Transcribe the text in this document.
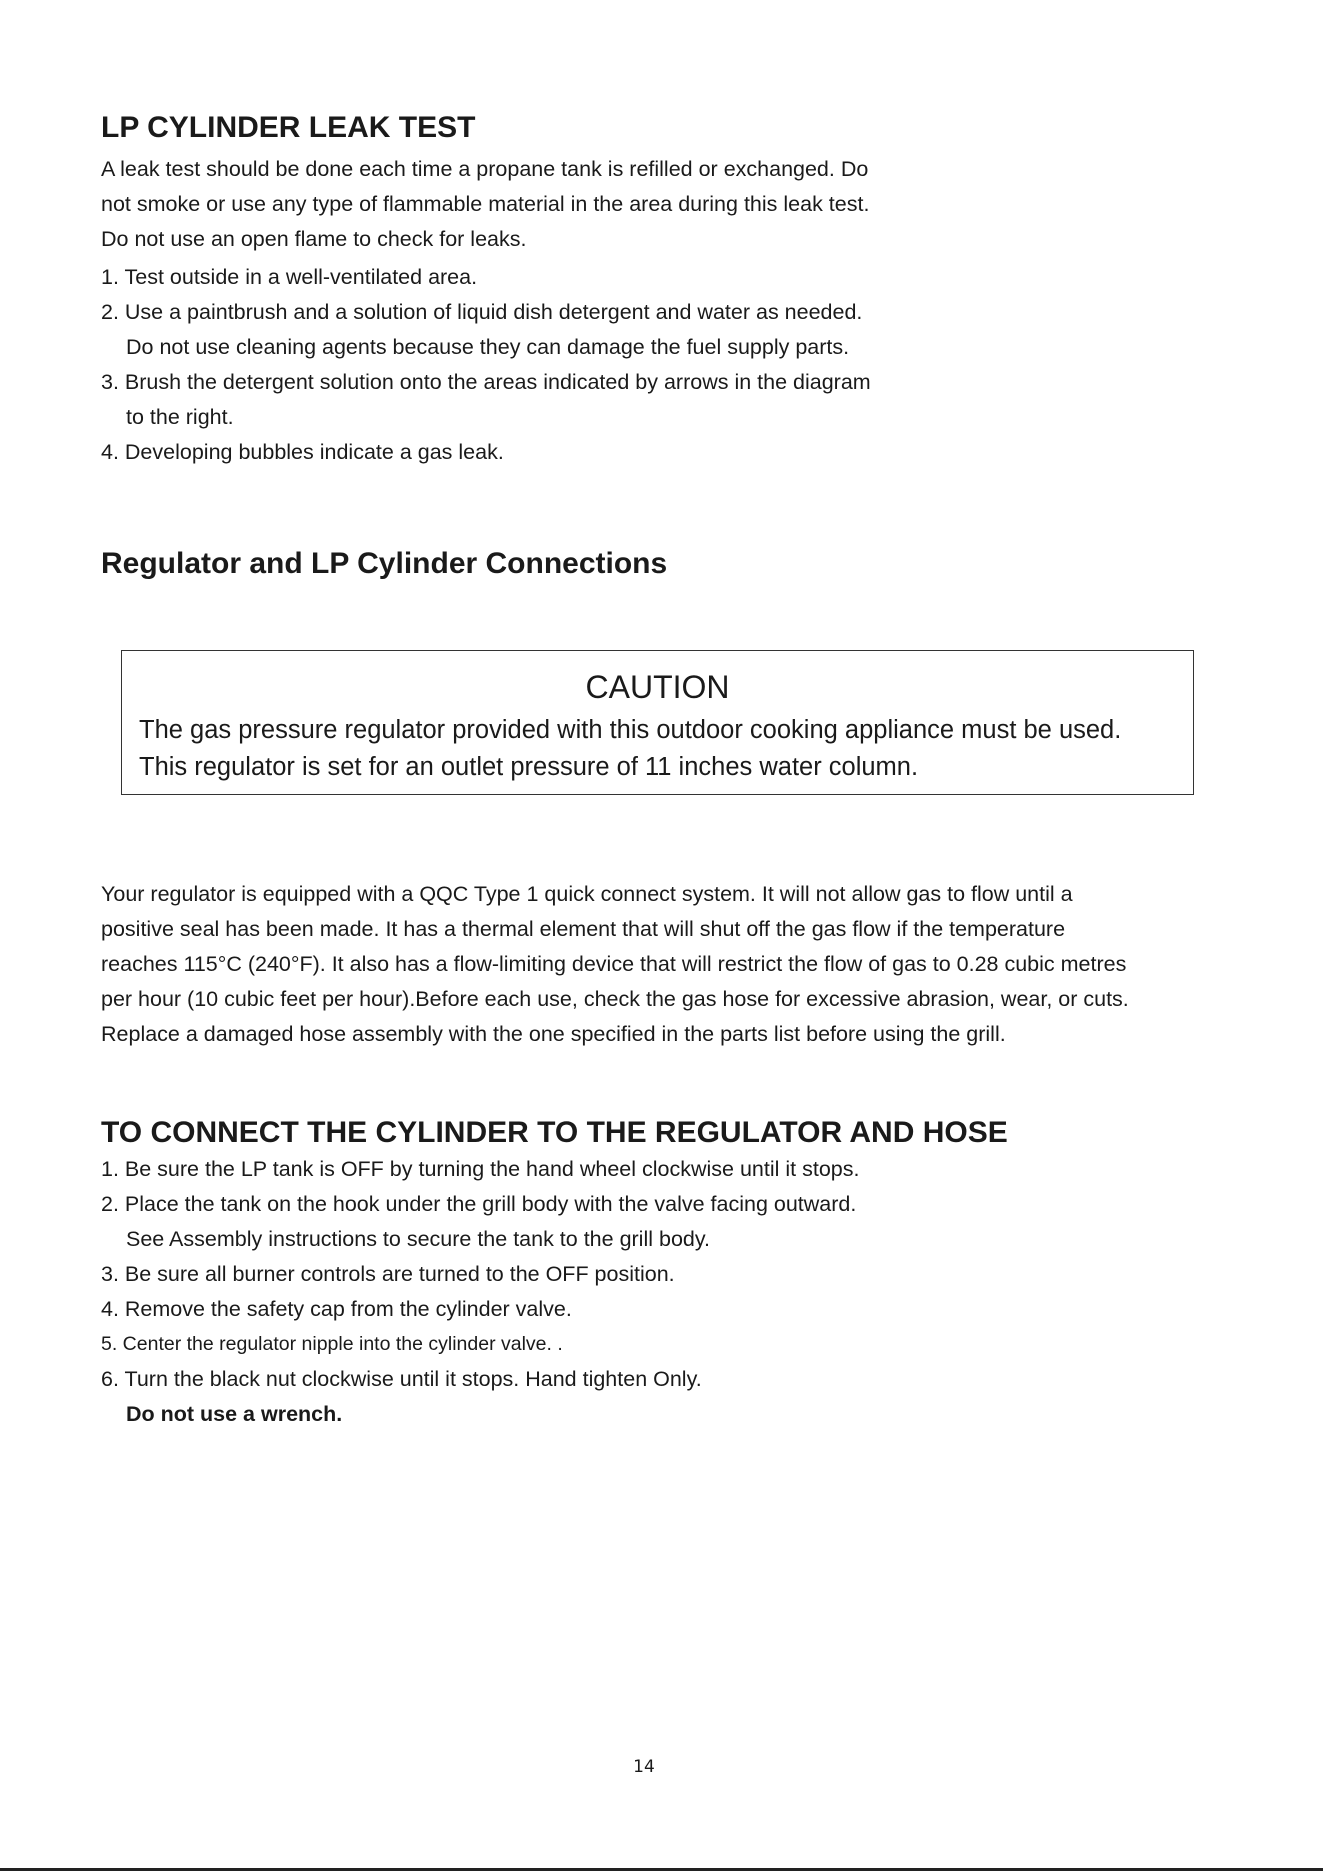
LP CYLINDER LEAK TEST
A leak test should be done each time a propane tank is refilled or exchanged. Do
not smoke or use any type of flammable material in the area during this leak test.
Do not use an open flame to check for leaks.
1. Test outside in a well-ventilated area.
2. Use a paintbrush and a solution of liquid dish detergent and water as needed.
Do not use cleaning agents because they can damage the fuel supply parts.
3. Brush the detergent solution onto the areas indicated by arrows in the diagram
to the right.
4. Developing bubbles indicate a gas leak.
Regulator and LP Cylinder Connections
CAUTION
The gas pressure regulator provided with this outdoor cooking appliance must be used.
This regulator is set for an outlet pressure of 11 inches water column.
Your regulator is equipped with a QQC Type 1 quick connect system. It will not allow gas to flow until a
positive seal has been made. It has a thermal element that will shut off the gas flow if the temperature
reaches 115°C (240°F). It also has a flow-limiting device that will restrict the flow of gas to 0.28 cubic metres
per hour (10 cubic feet per hour).Before each use, check the gas hose for excessive abrasion, wear, or cuts.
Replace a damaged hose assembly with the one specified in the parts list before using the grill.
TO CONNECT THE CYLINDER TO THE REGULATOR AND HOSE
1. Be sure the LP tank is OFF by turning the hand wheel clockwise until it stops.
2. Place the tank on the hook under the grill body with the valve facing outward.
See Assembly instructions to secure the tank to the grill body.
3. Be sure all burner controls are turned to the OFF position.
4. Remove the safety cap from the cylinder valve.
5. Center the regulator nipple into the cylinder valve. .
6. Turn the black nut clockwise until it stops. Hand tighten Only.
Do not use a wrench.
14
